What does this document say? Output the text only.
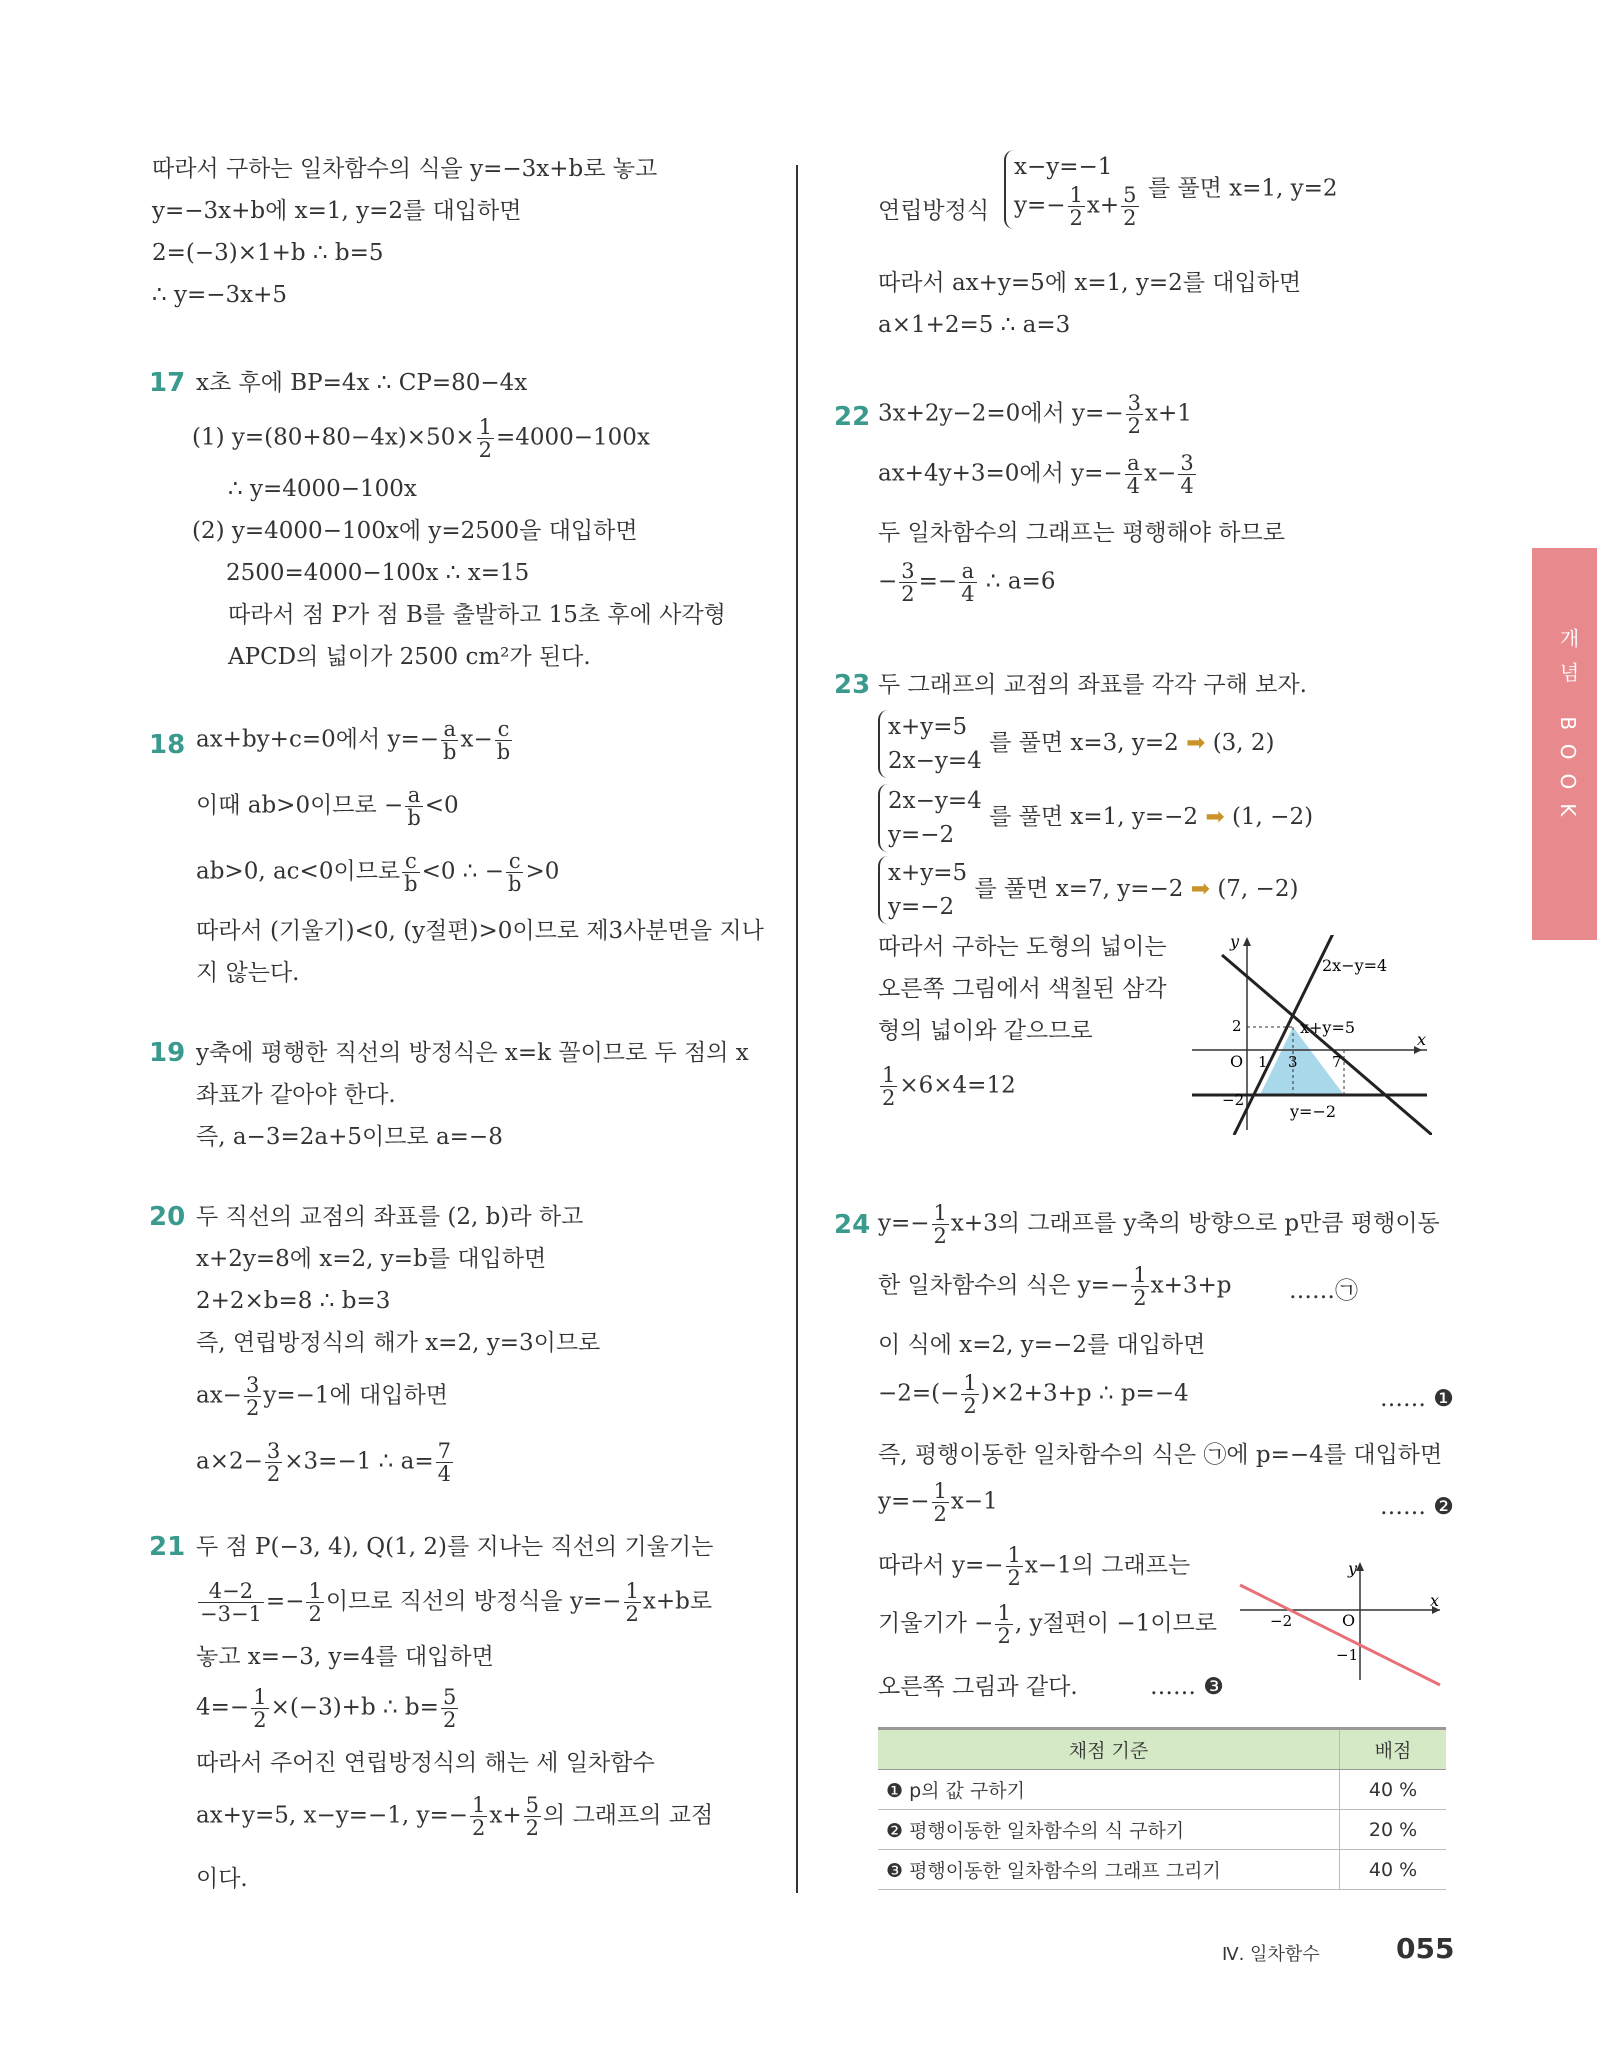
따라서 구하는 일차함수의 식을 y=−3x+b로 놓고
y=−3x+b에 x=1, y=2를 대입하면
2=(−3)×1+b ∴ b=5
∴ y=−3x+5
17 x초 후에 BP=4x ∴ CP=80−4x
(1) $y=(80+80-4x)\times 50\times \frac{1}{2} =4000-100x$
∴ y=4000−100x
(2) y=4000−100x에 y=2500을 대입하면
2500=4000−100x ∴ x=15
따라서 점 P가 점 B를 출발하고 15초 후에 사각형
APCD의 넓이가 2500 cm²가 된다.
18 ax+by+c=0에서 $y=- \frac{a}{b} x- \frac{c}{b}$
이때 ab>0이므로 − $\frac{a}{b} <0$
ab>0, ac<0이므로 $\frac{c}{b} <0$ ∴ − $\frac{c}{b} >0$
따라서 (기울기)<0, (y절편)>0이므로 제3사분면을 지나
지 않는다.
19 y축에 평행한 직선의 방정식은 x=k 꼴이므로 두 점의 x
좌표가 같아야 한다.
즉, a−3=2a+5이므로 a=−8
20 두 직선의 교점의 좌표를 (2, b)라 하고
x+2y=8에 x=2, y=b를 대입하면
2+2×b=8 ∴ b=3
즉, 연립방정식의 해가 x=2, y=3이므로
$ax- \frac{3}{2} y=-1$에 대입하면
$a\times 2- \frac{3}{2} \times 3=-1$ ∴ $a= \frac{7}{4}$
21 두 점 P(−3, 4), Q(1, 2)를 지나는 직선의 기울기는
$\frac{4-2}{-3-1} =- \frac{1}{2}$ 이므로 직선의 방정식을 $y=- \frac{1}{2} x+b$로
놓고 x=−3, y=4를 대입하면
$4=- \frac{1}{2} \times(-3)+b$ ∴ $b= \frac{5}{2}$
따라서 주어진 연립방정식의 해는 세 일차함수
ax+y=5, x−y=−1, $y=- \frac{1}{2} x+ \frac{5}{2}$ 의 그래프의 교점
이다.
연립방정식
x−y=−1
$y=- \frac{1}{2} x+ \frac{5}{2}$ 를 풀면 x=1, y=2
따라서 ax+y=5에 x=1, y=2를 대입하면
a×1+2=5 ∴ a=3
22 3x+2y−2=0에서 $y=- \frac{3}{2} x+1$
ax+4y+3=0에서 $y=- \frac{a}{4} x- \frac{3}{4}$
두 일차함수의 그래프는 평행해야 하므로
− $\frac{3}{2} =- \frac{a}{4}$ ∴ a=6
23 두 그래프의 교점의 좌표를 각각 구해 보자.
x+y=5
2x−y=4
를 풀면 x=3, y=2 ➡ (3, 2)
2x−y=4
y=−2
를 풀면 x=1, y=−2 ➡ (1, −2)
x+y=5
y=−2
를 풀면 x=7, y=−2 ➡ (7, −2)
따라서 구하는 도형의 넓이는
오른쪽 그림에서 색칠된 삼각
형의 넓이와 같으므로
$\frac{1}{2} \times 6\times 4=12$
y
x
O
2x−y=4
x+y=5
y=−2
2
−2
1 3 7
24 $y=- \frac{1}{2} x+3$의 그래프를 y축의 방향으로 p만큼 평행이동
한 일차함수의 식은 $y=- \frac{1}{2} x+3+p$	……㉠
이 식에 x=2, y=−2를 대입하면
$-2=(- \frac{1}{2} )\times 2+3+p$ ∴ p=−4	…… ❶
즉, 평행이동한 일차함수의 식은 ㉠에 p=−4를 대입하면
$y=- \frac{1}{2} x-1$	…… ❷
따라서 $y=- \frac{1}{2} x-1$의 그래프는
기울기가 − $\frac{1}{2}$ , y절편이 −1이므로
오른쪽 그림과 같다.	…… ❸
y
x
O
−2
−1
채점 기준	배점
❶ p의 값 구하기	40 %
❷ 평행이동한 일차함수의 식 구하기	20 %
❸ 평행이동한 일차함수의 그래프 그리기	40 %
개념 BOOK
Ⅳ. 일차함수	055
